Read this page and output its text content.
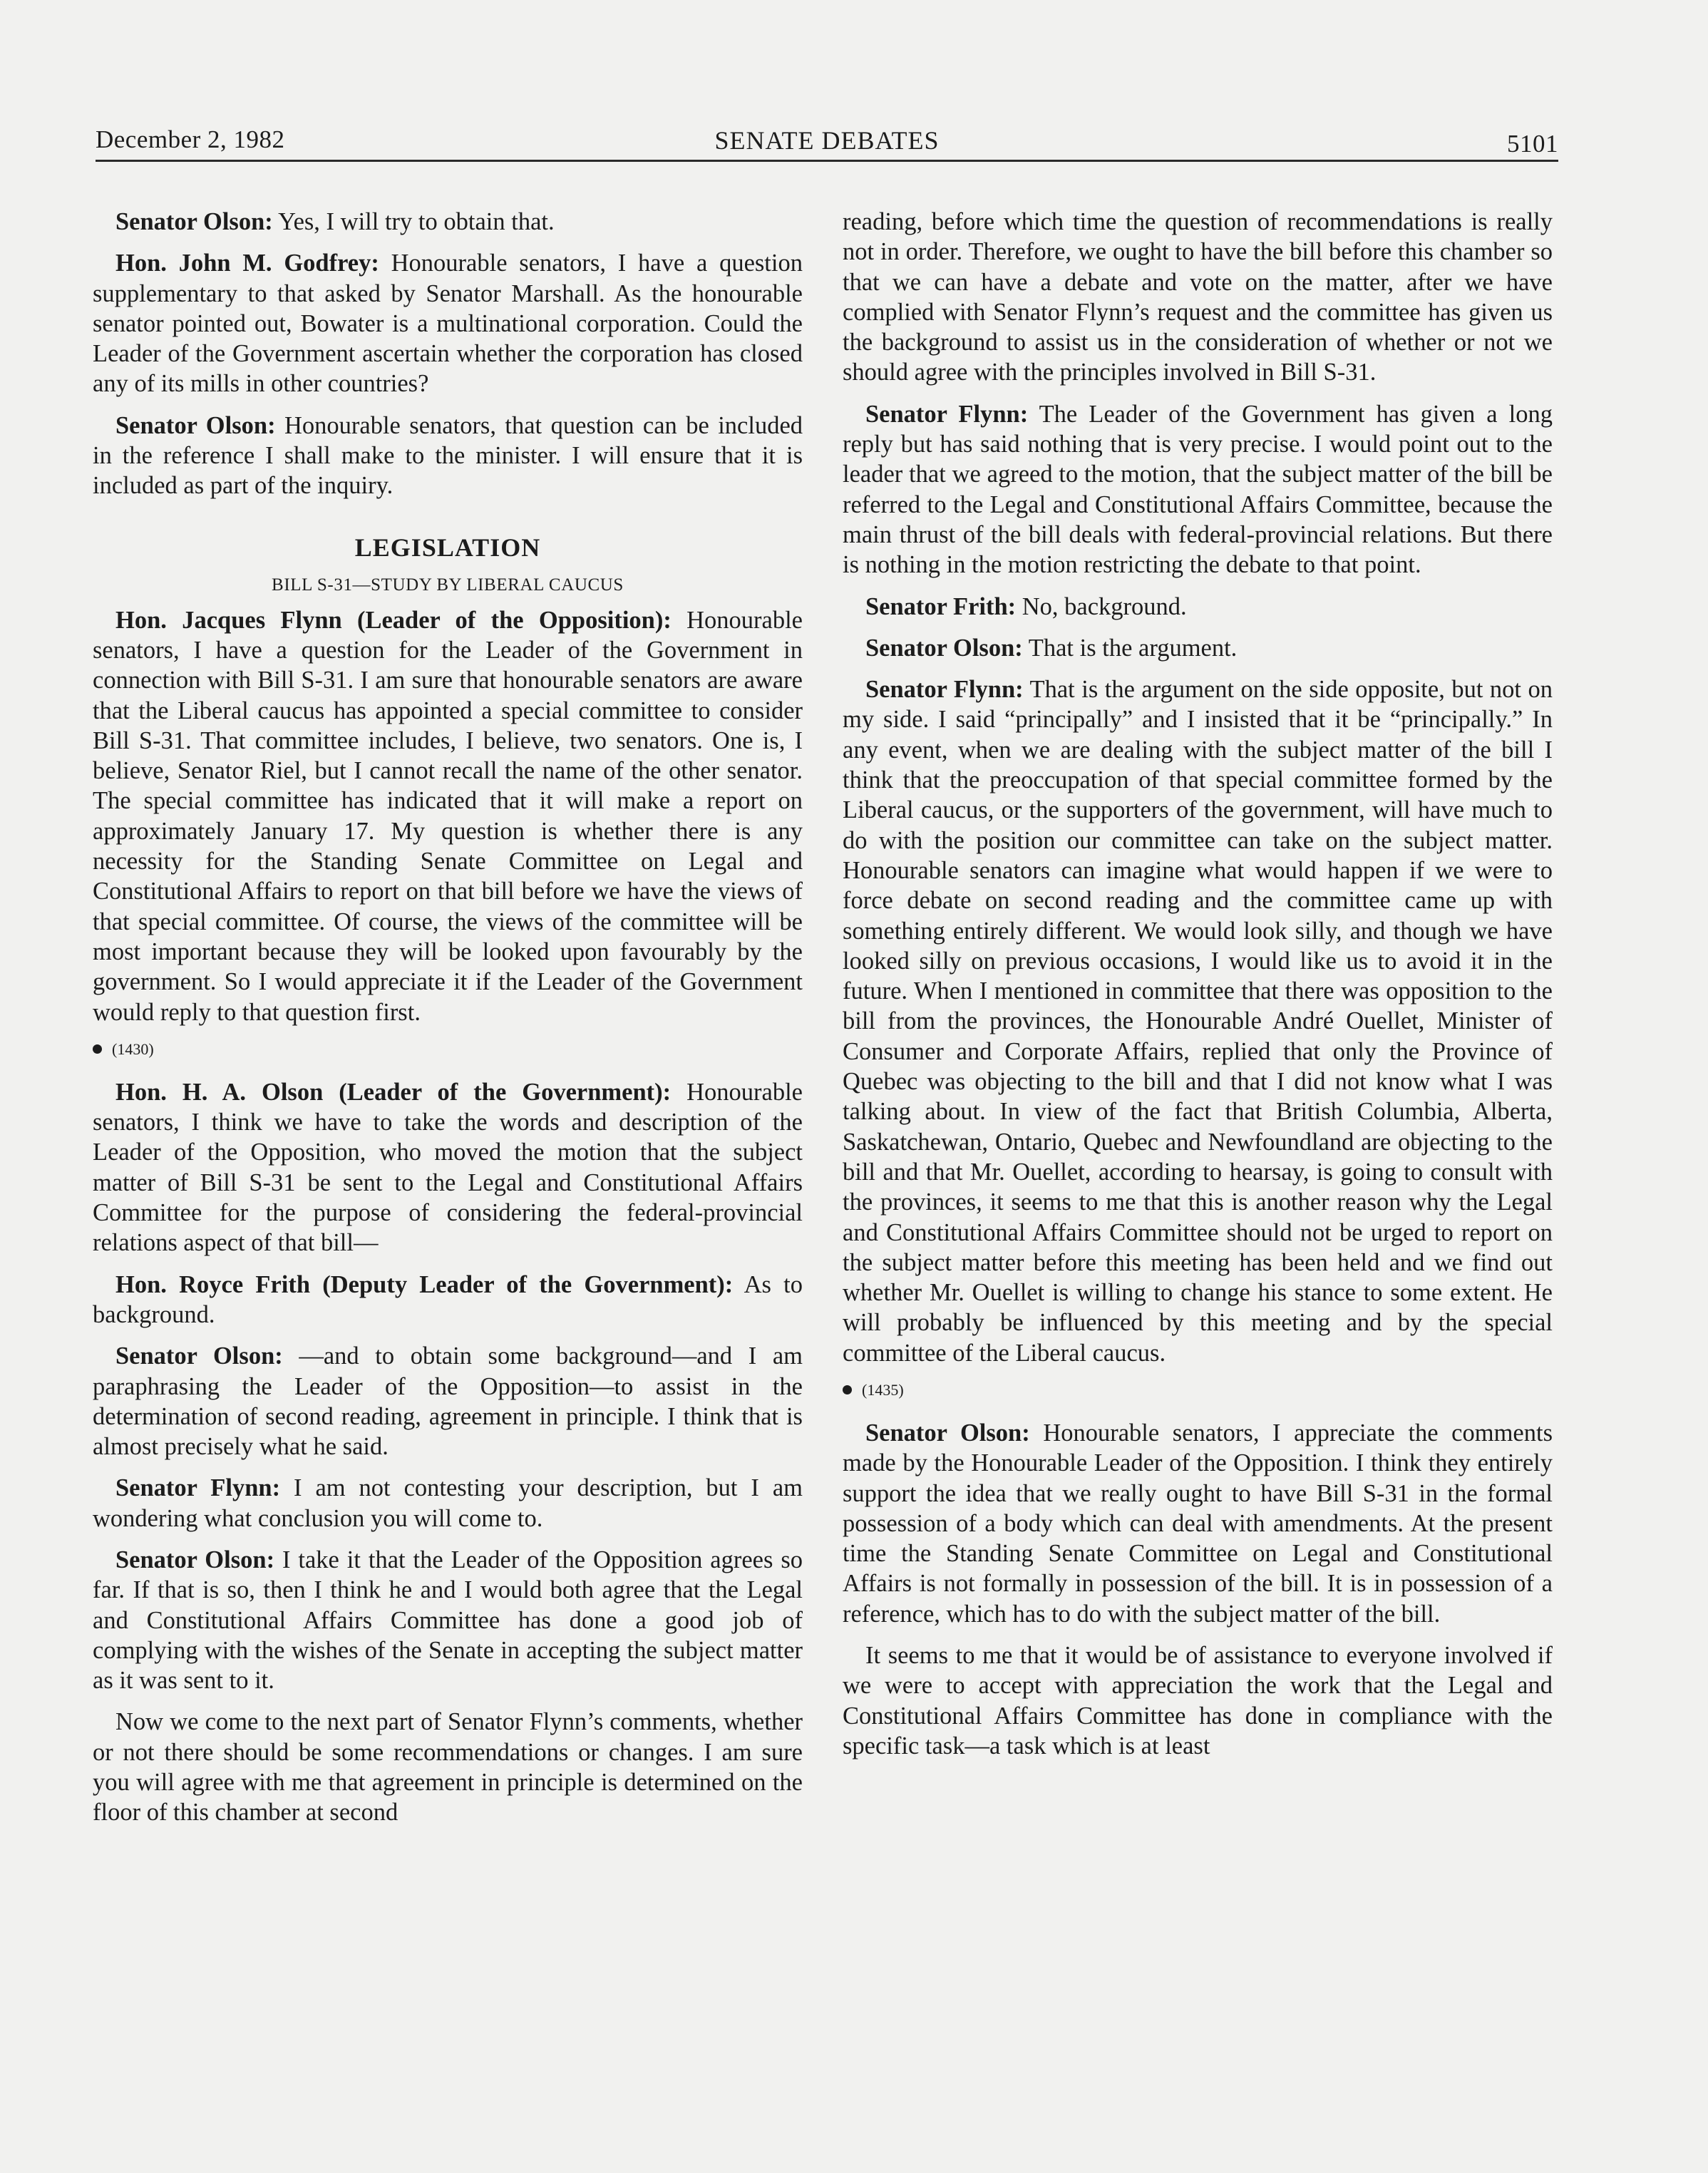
December 2, 1982	SENATE DEBATES	5101

Senator Olson: Yes, I will try to obtain that.

Hon. John M. Godfrey: Honourable senators, I have a question supplementary to that asked by Senator Marshall. As the honourable senator pointed out, Bowater is a multinational corporation. Could the Leader of the Government ascertain whether the corporation has closed any of its mills in other countries?

Senator Olson: Honourable senators, that question can be included in the reference I shall make to the minister. I will ensure that it is included as part of the inquiry.

LEGISLATION
BILL S-31—STUDY BY LIBERAL CAUCUS

Hon. Jacques Flynn (Leader of the Opposition): Honourable senators, I have a question for the Leader of the Government in connection with Bill S-31. I am sure that honourable senators are aware that the Liberal caucus has appointed a special committee to consider Bill S-31. That committee includes, I believe, two senators. One is, I believe, Senator Riel, but I cannot recall the name of the other senator. The special committee has indicated that it will make a report on approximately January 17. My question is whether there is any necessity for the Standing Senate Committee on Legal and Constitutional Affairs to report on that bill before we have the views of that special committee. Of course, the views of the committee will be most important because they will be looked upon favourably by the government. So I would appreciate it if the Leader of the Government would reply to that question first.

(1430)

Hon. H. A. Olson (Leader of the Government): Honourable senators, I think we have to take the words and description of the Leader of the Opposition, who moved the motion that the subject matter of Bill S-31 be sent to the Legal and Constitutional Affairs Committee for the purpose of considering the federal-provincial relations aspect of that bill—

Hon. Royce Frith (Deputy Leader of the Government): As to background.

Senator Olson: —and to obtain some background—and I am paraphrasing the Leader of the Opposition—to assist in the determination of second reading, agreement in principle. I think that is almost precisely what he said.

Senator Flynn: I am not contesting your description, but I am wondering what conclusion you will come to.

Senator Olson: I take it that the Leader of the Opposition agrees so far. If that is so, then I think he and I would both agree that the Legal and Constitutional Affairs Committee has done a good job of complying with the wishes of the Senate in accepting the subject matter as it was sent to it.

Now we come to the next part of Senator Flynn’s comments, whether or not there should be some recommendations or changes. I am sure you will agree with me that agreement in principle is determined on the floor of this chamber at second

reading, before which time the question of recommendations is really not in order. Therefore, we ought to have the bill before this chamber so that we can have a debate and vote on the matter, after we have complied with Senator Flynn’s request and the committee has given us the background to assist us in the consideration of whether or not we should agree with the principles involved in Bill S-31.

Senator Flynn: The Leader of the Government has given a long reply but has said nothing that is very precise. I would point out to the leader that we agreed to the motion, that the subject matter of the bill be referred to the Legal and Constitutional Affairs Committee, because the main thrust of the bill deals with federal-provincial relations. But there is nothing in the motion restricting the debate to that point.

Senator Frith: No, background.

Senator Olson: That is the argument.

Senator Flynn: That is the argument on the side opposite, but not on my side. I said “principally” and I insisted that it be “principally.” In any event, when we are dealing with the subject matter of the bill I think that the preoccupation of that special committee formed by the Liberal caucus, or the supporters of the government, will have much to do with the position our committee can take on the subject matter. Honourable senators can imagine what would happen if we were to force debate on second reading and the committee came up with something entirely different. We would look silly, and though we have looked silly on previous occasions, I would like us to avoid it in the future. When I mentioned in committee that there was opposition to the bill from the provinces, the Honourable André Ouellet, Minister of Consumer and Corporate Affairs, replied that only the Province of Quebec was objecting to the bill and that I did not know what I was talking about. In view of the fact that British Columbia, Alberta, Saskatchewan, Ontario, Quebec and Newfoundland are objecting to the bill and that Mr. Ouellet, according to hearsay, is going to consult with the provinces, it seems to me that this is another reason why the Legal and Constitutional Affairs Committee should not be urged to report on the subject matter before this meeting has been held and we find out whether Mr. Ouellet is willing to change his stance to some extent. He will probably be influenced by this meeting and by the special committee of the Liberal caucus.

(1435)

Senator Olson: Honourable senators, I appreciate the comments made by the Honourable Leader of the Opposition. I think they entirely support the idea that we really ought to have Bill S-31 in the formal possession of a body which can deal with amendments. At the present time the Standing Senate Committee on Legal and Constitutional Affairs is not formally in possession of the bill. It is in possession of a reference, which has to do with the subject matter of the bill.

It seems to me that it would be of assistance to everyone involved if we were to accept with appreciation the work that the Legal and Constitutional Affairs Committee has done in compliance with the specific task—a task which is at least
